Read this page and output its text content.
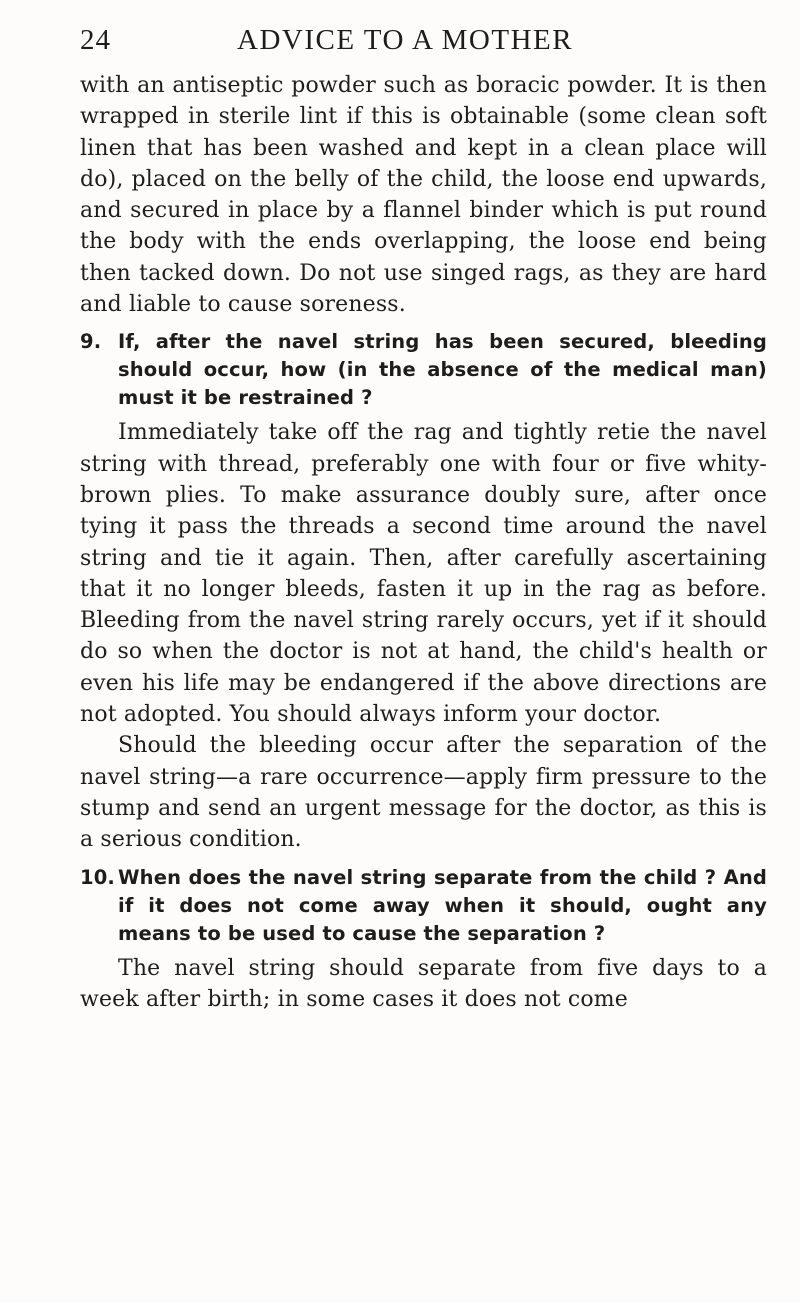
24	ADVICE TO A MOTHER

with an antiseptic powder such as boracic powder. It is then wrapped in sterile lint if this is obtainable (some clean soft linen that has been washed and kept in a clean place will do), placed on the belly of the child, the loose end upwards, and secured in place by a flannel binder which is put round the body with the ends overlapping, the loose end being then tacked down. Do not use singed rags, as they are hard and liable to cause soreness.

9. If, after the navel string has been secured, bleeding should occur, how (in the absence of the medical man) must it be restrained ?

Immediately take off the rag and tightly retie the navel string with thread, preferably one with four or five whity-brown plies. To make assurance doubly sure, after once tying it pass the threads a second time around the navel string and tie it again. Then, after carefully ascertaining that it no longer bleeds, fasten it up in the rag as before. Bleeding from the navel string rarely occurs, yet if it should do so when the doctor is not at hand, the child's health or even his life may be endangered if the above directions are not adopted. You should always inform your doctor.

Should the bleeding occur after the separation of the navel string—a rare occurrence—apply firm pressure to the stump and send an urgent message for the doctor, as this is a serious condition.

10. When does the navel string separate from the child ? And if it does not come away when it should, ought any means to be used to cause the separation ?

The navel string should separate from five days to a week after birth; in some cases it does not come
